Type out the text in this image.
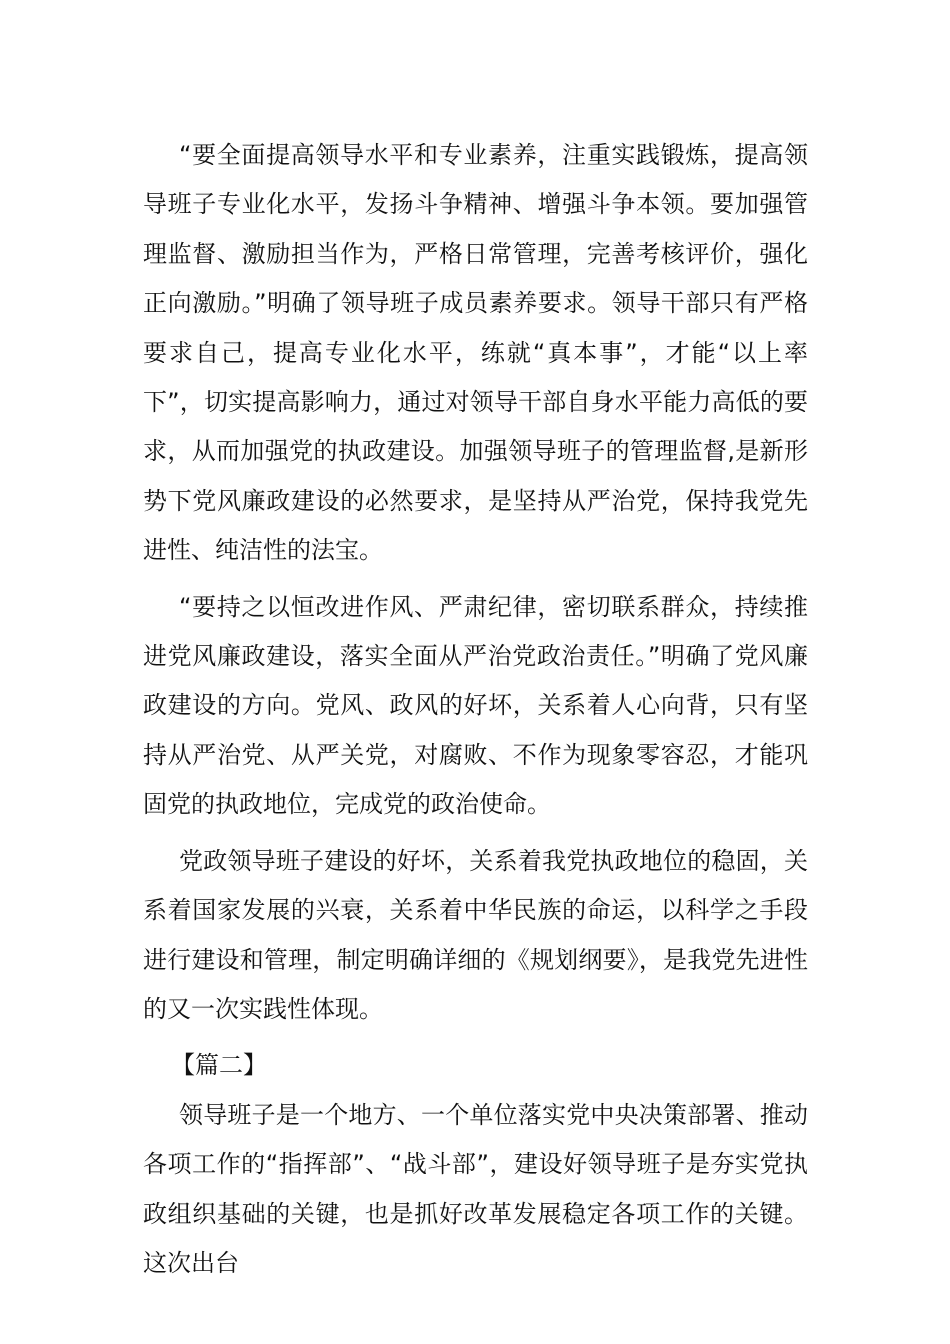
“要全面提高领导水平和专业素养，注重实践锻炼，提高领导班子专业化水平，发扬斗争精神、增强斗争本领。要加强管理监督、激励担当作为，严格日常管理，完善考核评价，强化正向激励。”明确了领导班子成员素养要求。领导干部只有严格要求自己，提高专业化水平，练就“真本事”，才能“以上率下”，切实提高影响力，通过对领导干部自身水平能力高低的要求，从而加强党的执政建设。加强领导班子的管理监督,是新形势下党风廉政建设的必然要求，是坚持从严治党，保持我党先进性、纯洁性的法宝。

“要持之以恒改进作风、严肃纪律，密切联系群众，持续推进党风廉政建设，落实全面从严治党政治责任。”明确了党风廉政建设的方向。党风、政风的好坏，关系着人心向背，只有坚持从严治党、从严关党，对腐败、不作为现象零容忍，才能巩固党的执政地位，完成党的政治使命。

党政领导班子建设的好坏，关系着我党执政地位的稳固，关系着国家发展的兴衰，关系着中华民族的命运，以科学之手段进行建设和管理，制定明确详细的《规划纲要》，是我党先进性的又一次实践性体现。

【篇二】

领导班子是一个地方、一个单位落实党中央决策部署、推动各项工作的“指挥部”、“战斗部”，建设好领导班子是夯实党执政组织基础的关键，也是抓好改革发展稳定各项工作的关键。这次出台
